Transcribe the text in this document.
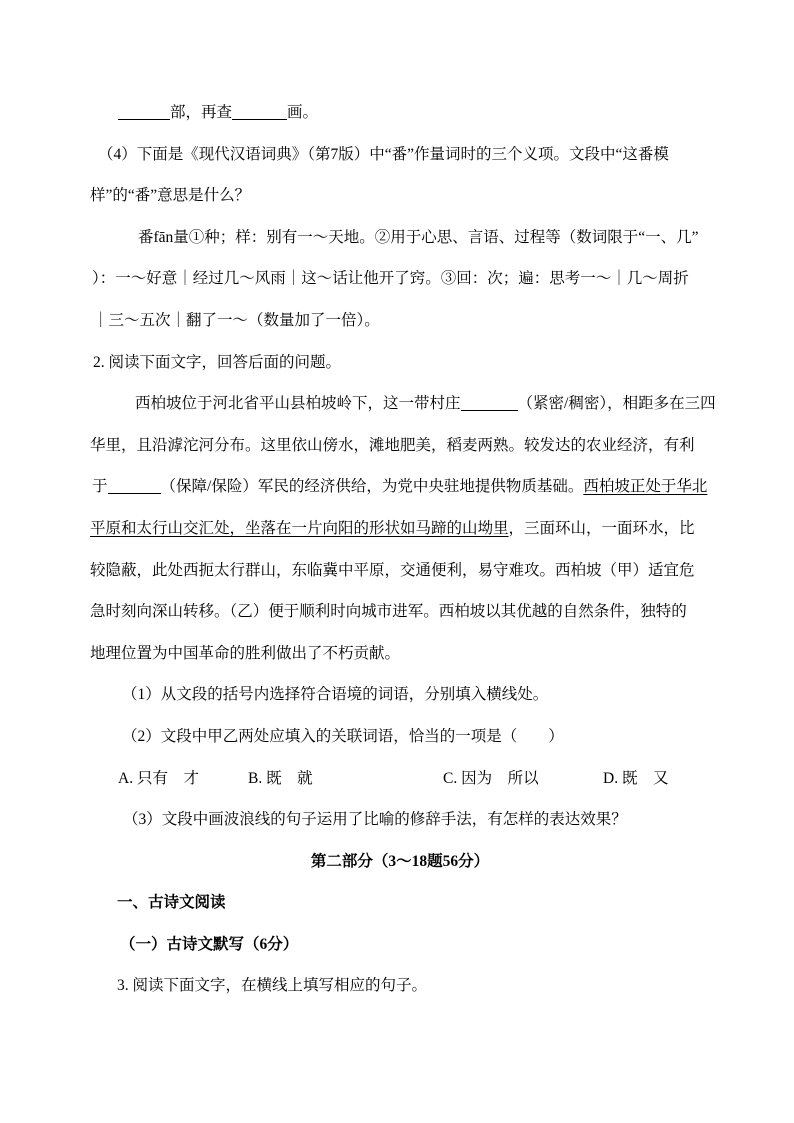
部，再查	画。
（4）下面是《现代汉语词典》（第7版）中“番”作量词时的三个义项。文段中“这番模
样”的“番”意思是什么？
番fān量①种；样：别有一～天地。②用于心思、言语、过程等（数词限于“一、几”
）：一～好意｜经过几～风雨｜这～话让他开了窍。③回：次；遍：思考一～｜几～周折
｜三～五次｜翻了一～（数量加了一倍）。
2. 阅读下面文字，回答后面的问题。
西柏坡位于河北省平山县柏坡岭下，这一带村庄	（紧密/稠密），相距多在三四
华里，且沿滹沱河分布。这里依山傍水，滩地肥美，稻麦两熟。较发达的农业经济，有利
于	（保障/保险）军民的经济供给，为党中央驻地提供物质基础。西柏坡正处于华北
平原和太行山交汇处，坐落在一片向阳的形状如马蹄的山坳里，三面环山，一面环水，比
较隐蔽，此处西扼太行群山，东临冀中平原，交通便利，易守难攻。西柏坡（甲）适宜危
急时刻向深山转移。（乙）便于顺利时向城市进军。西柏坡以其优越的自然条件，独特的
地理位置为中国革命的胜利做出了不朽贡献。
（1）从文段的括号内选择符合语境的词语，分别填入横线处。
（2）文段中甲乙两处应填入的关联词语，恰当的一项是（　　）
A. 只有　才	B. 既　就	C. 因为　所以	D. 既　又
（3）文段中画波浪线的句子运用了比喻的修辞手法，有怎样的表达效果？
第二部分（3～18题56分）
一、古诗文阅读
（一）古诗文默写（6分）
3. 阅读下面文字，在横线上填写相应的句子。
